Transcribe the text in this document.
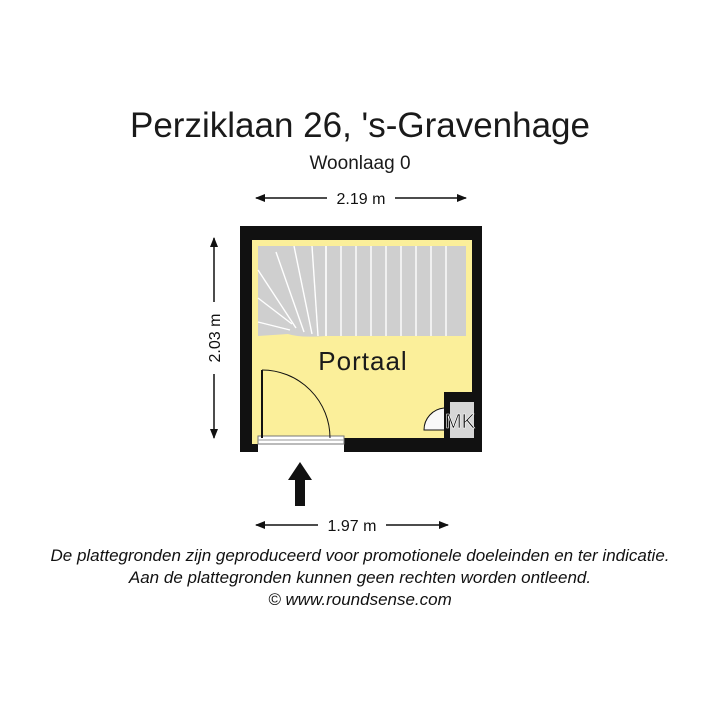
Perziklaan 26, 's-Gravenhage
Woonlaag 0
2.19 m
2.03 m
MK
Portaal
1.97 m
De plattegronden zijn geproduceerd voor promotionele doeleinden en ter indicatie.
Aan de plattegronden kunnen geen rechten worden ontleend.
© www.roundsense.com
